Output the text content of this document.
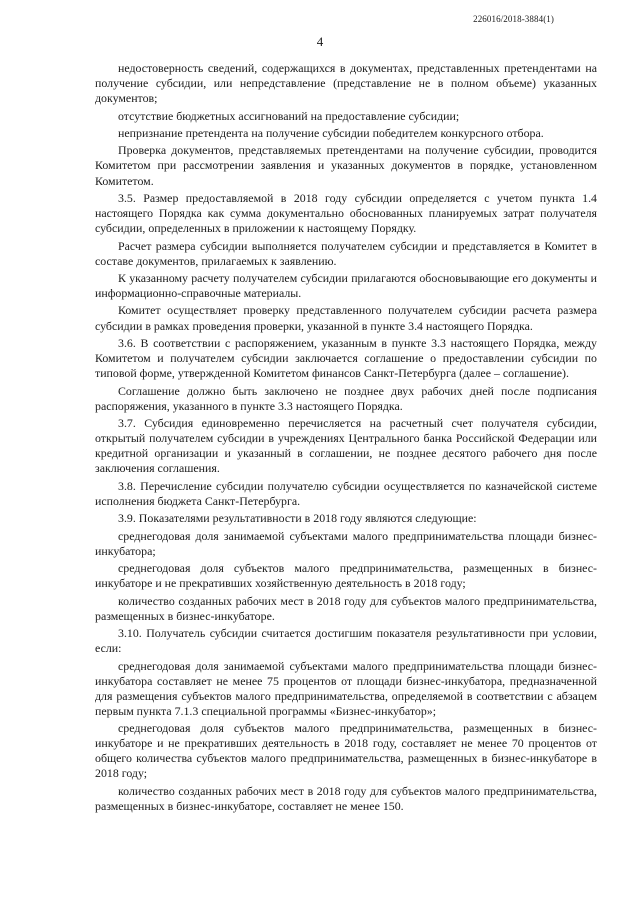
226016/2018-3884(1)
4

недостоверность сведений, содержащихся в документах, представленных претендентами на получение субсидии, или непредставление (представление не в полном объеме) указанных документов;

отсутствие бюджетных ассигнований на предоставление субсидии;

непризнание претендента на получение субсидии победителем конкурсного отбора.

Проверка документов, представляемых претендентами на получение субсидии, проводится Комитетом при рассмотрении заявления и указанных документов в порядке, установленном Комитетом.

3.5. Размер предоставляемой в 2018 году субсидии определяется с учетом пункта 1.4 настоящего Порядка как сумма документально обоснованных планируемых затрат получателя субсидии, определенных в приложении к настоящему Порядку.

Расчет размера субсидии выполняется получателем субсидии и представляется в Комитет в составе документов, прилагаемых к заявлению.

К указанному расчету получателем субсидии прилагаются обосновывающие его документы и информационно-справочные материалы.

Комитет осуществляет проверку представленного получателем субсидии расчета размера субсидии в рамках проведения проверки, указанной в пункте 3.4 настоящего Порядка.

3.6. В соответствии с распоряжением, указанным в пункте 3.3 настоящего Порядка, между Комитетом и получателем субсидии заключается соглашение о предоставлении субсидии по типовой форме, утвержденной Комитетом финансов Санкт-Петербурга (далее – соглашение).

Соглашение должно быть заключено не позднее двух рабочих дней после подписания распоряжения, указанного в пункте 3.3 настоящего Порядка.

3.7. Субсидия единовременно перечисляется на расчетный счет получателя субсидии, открытый получателем субсидии в учреждениях Центрального банка Российской Федерации или кредитной организации и указанный в соглашении, не позднее десятого рабочего дня после заключения соглашения.

3.8. Перечисление субсидии получателю субсидии осуществляется по казначейской системе исполнения бюджета Санкт-Петербурга.

3.9. Показателями результативности в 2018 году являются следующие:

среднегодовая доля занимаемой субъектами малого предпринимательства площади бизнес-инкубатора;

среднегодовая доля субъектов малого предпринимательства, размещенных в бизнес-инкубаторе и не прекративших хозяйственную деятельность в 2018 году;

количество созданных рабочих мест в 2018 году для субъектов малого предпринимательства, размещенных в бизнес-инкубаторе.

3.10. Получатель субсидии считается достигшим показателя результативности при условии, если:

среднегодовая доля занимаемой субъектами малого предпринимательства площади бизнес-инкубатора составляет не менее 75 процентов от площади бизнес-инкубатора, предназначенной для размещения субъектов малого предпринимательства, определяемой в соответствии с абзацем первым пункта 7.1.3 специальной программы «Бизнес-инкубатор»;

среднегодовая доля субъектов малого предпринимательства, размещенных в бизнес-инкубаторе и не прекративших деятельность в 2018 году, составляет не менее 70 процентов от общего количества субъектов малого предпринимательства, размещенных в бизнес-инкубаторе в 2018 году;

количество созданных рабочих мест в 2018 году для субъектов малого предпринимательства, размещенных в бизнес-инкубаторе, составляет не менее 150.
